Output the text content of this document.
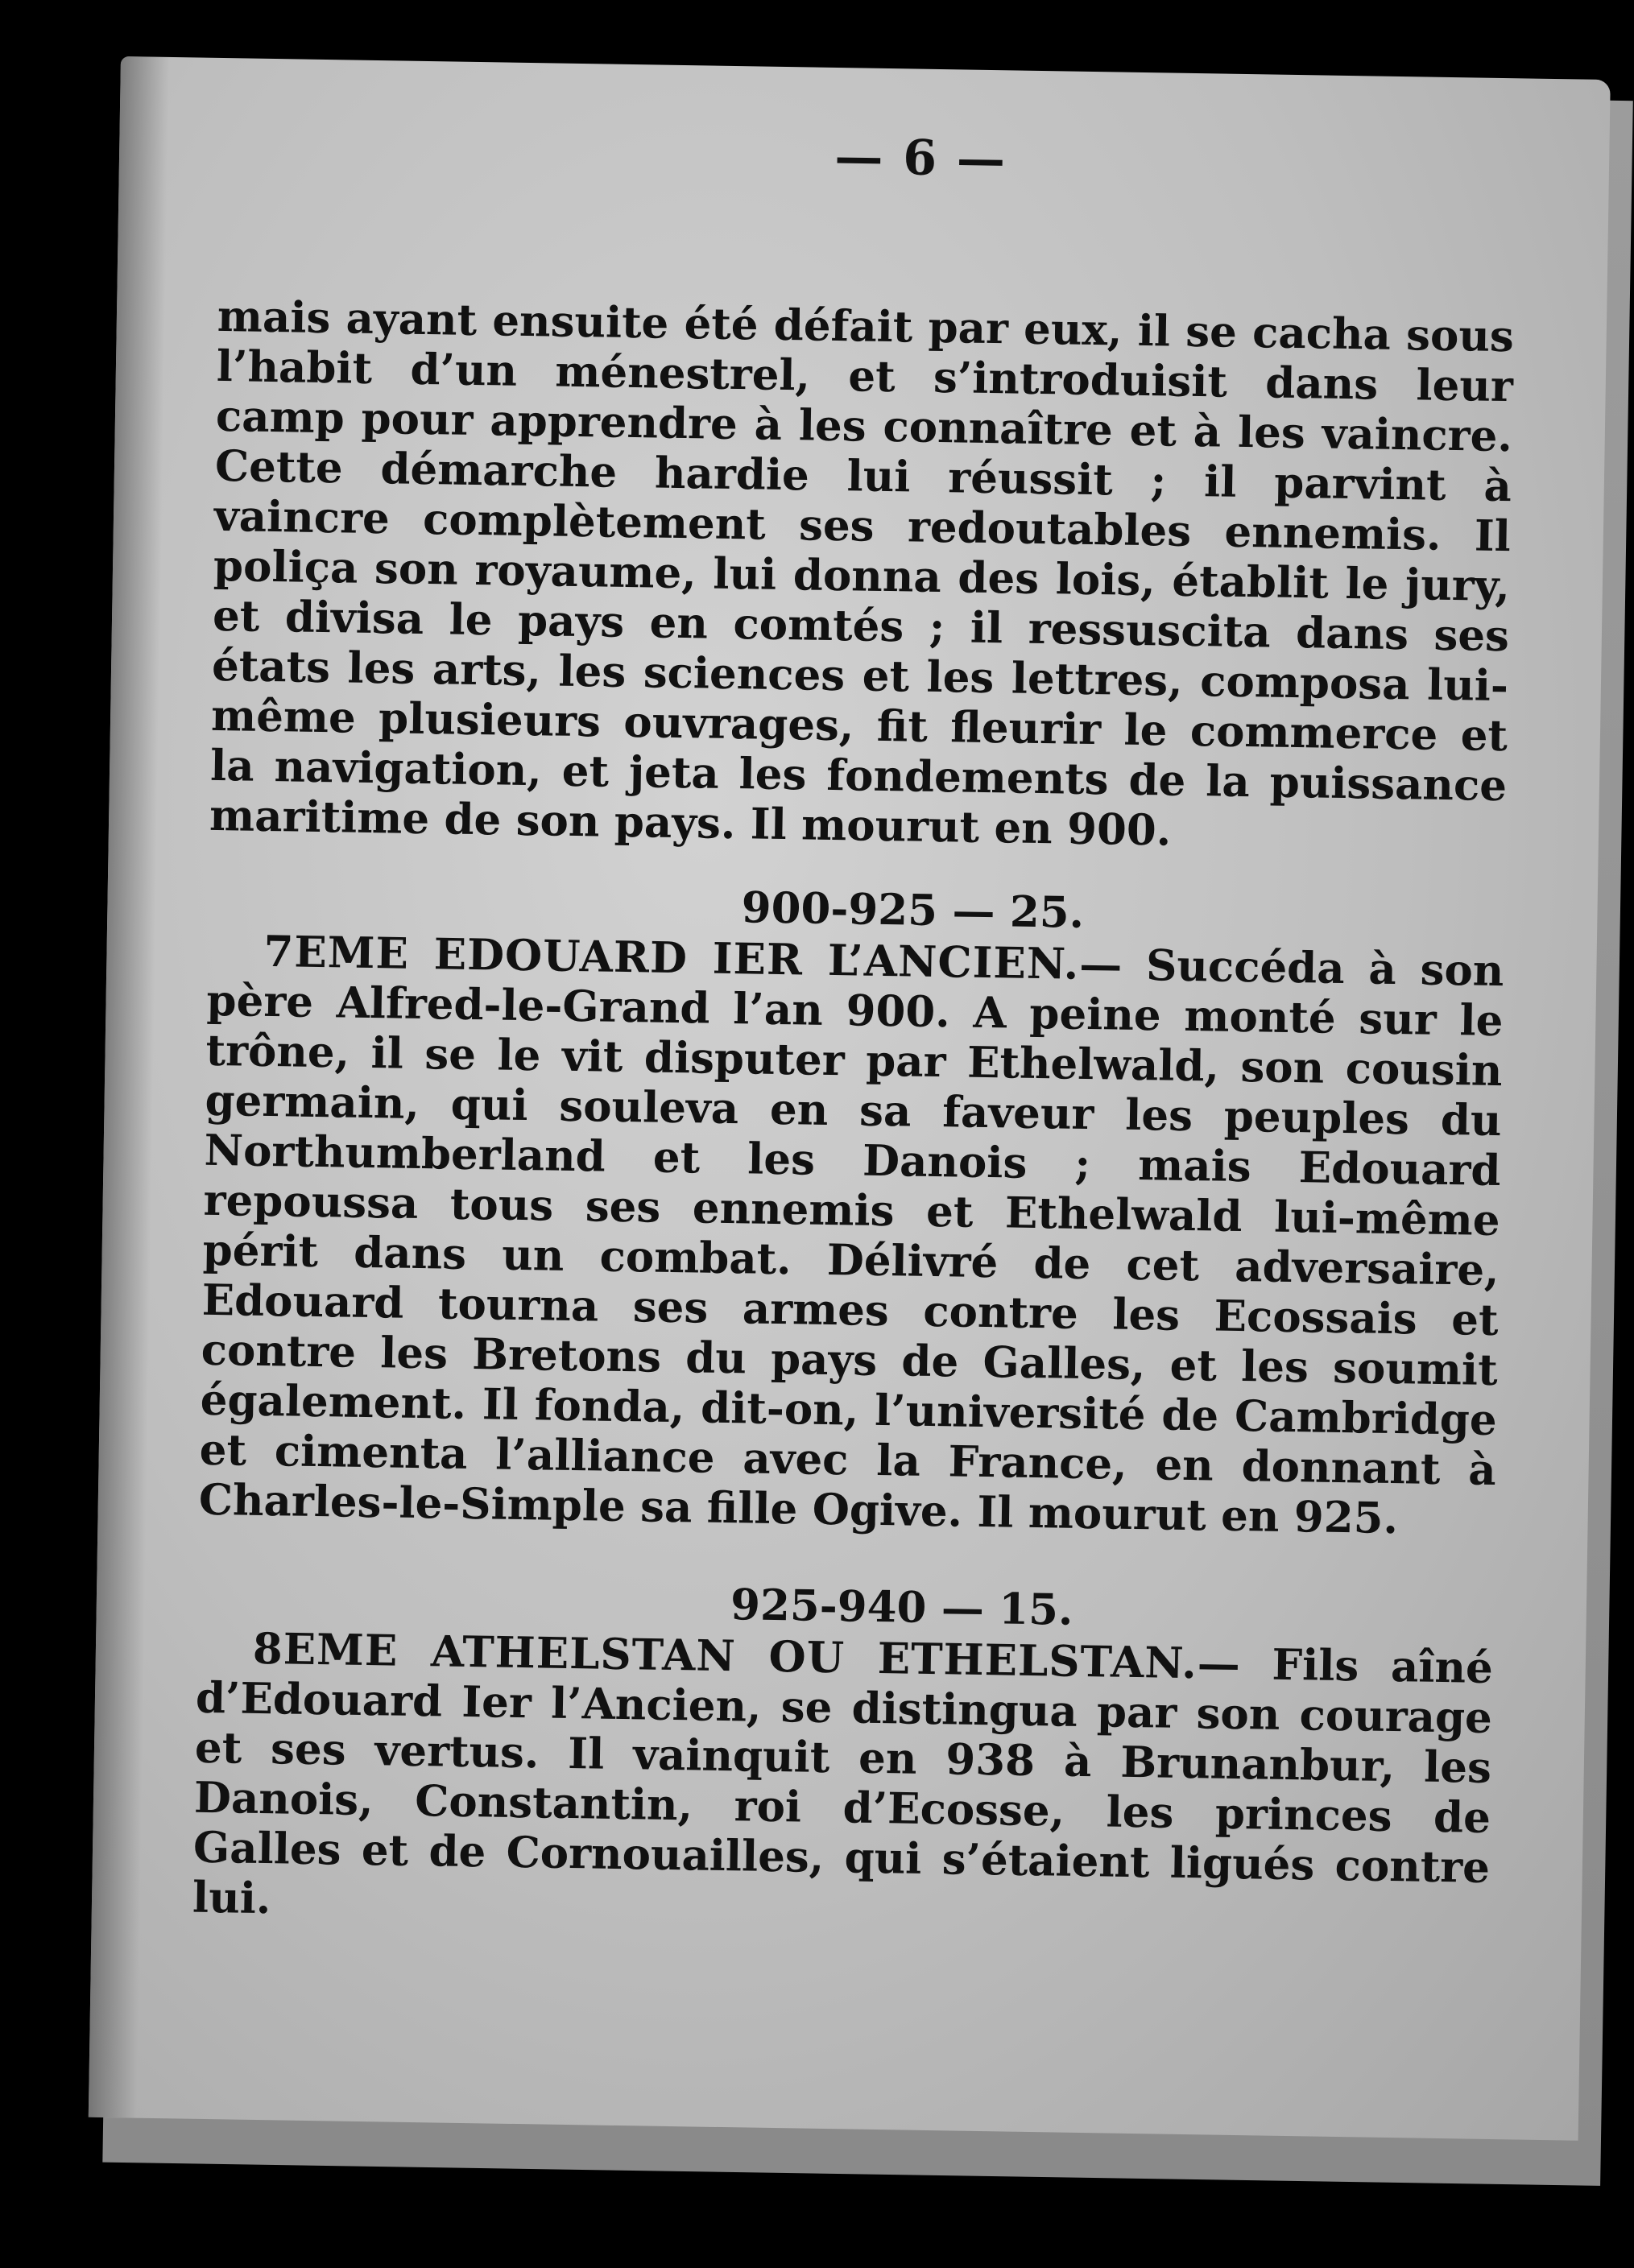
— 6 —

mais ayant ensuite été défait par eux, il se cacha sous l’habit d’un ménestrel, et s’introduisit dans leur camp pour apprendre à les connaître et à les vaincre. Cette démarche hardie lui réussit ; il parvint à vaincre complètement ses redoutables ennemis. Il poliça son royaume, lui donna des lois, établit le jury, et divisa le pays en comtés ; il ressuscita dans ses états les arts, les sciences et les lettres, composa lui-même plusieurs ouvrages, fit fleurir le commerce et la navigation, et jeta les fondements de la puissance maritime de son pays. Il mourut en 900.

900-925 — 25.

7EME EDOUARD IER L’ANCIEN.— Succéda à son père Alfred-le-Grand l’an 900. A peine monté sur le trône, il se le vit disputer par Ethelwald, son cousin germain, qui souleva en sa faveur les peuples du Northumberland et les Danois ; mais Edouard repoussa tous ses ennemis et Ethelwald lui-même périt dans un combat. Délivré de cet adversaire, Edouard tourna ses armes contre les Ecossais et contre les Bretons du pays de Galles, et les soumit également. Il fonda, dit-on, l’université de Cambridge et cimenta l’alliance avec la France, en donnant à Charles-le-Simple sa fille Ogive. Il mourut en 925.

925-940 — 15.

8EME ATHELSTAN OU ETHELSTAN.— Fils aîné d’Edouard Ier l’Ancien, se distingua par son courage et ses vertus. Il vainquit en 938 à Brunanbur, les Danois, Constantin, roi d’Ecosse, les princes de Galles et de Cornouailles, qui s’étaient ligués contre lui.
